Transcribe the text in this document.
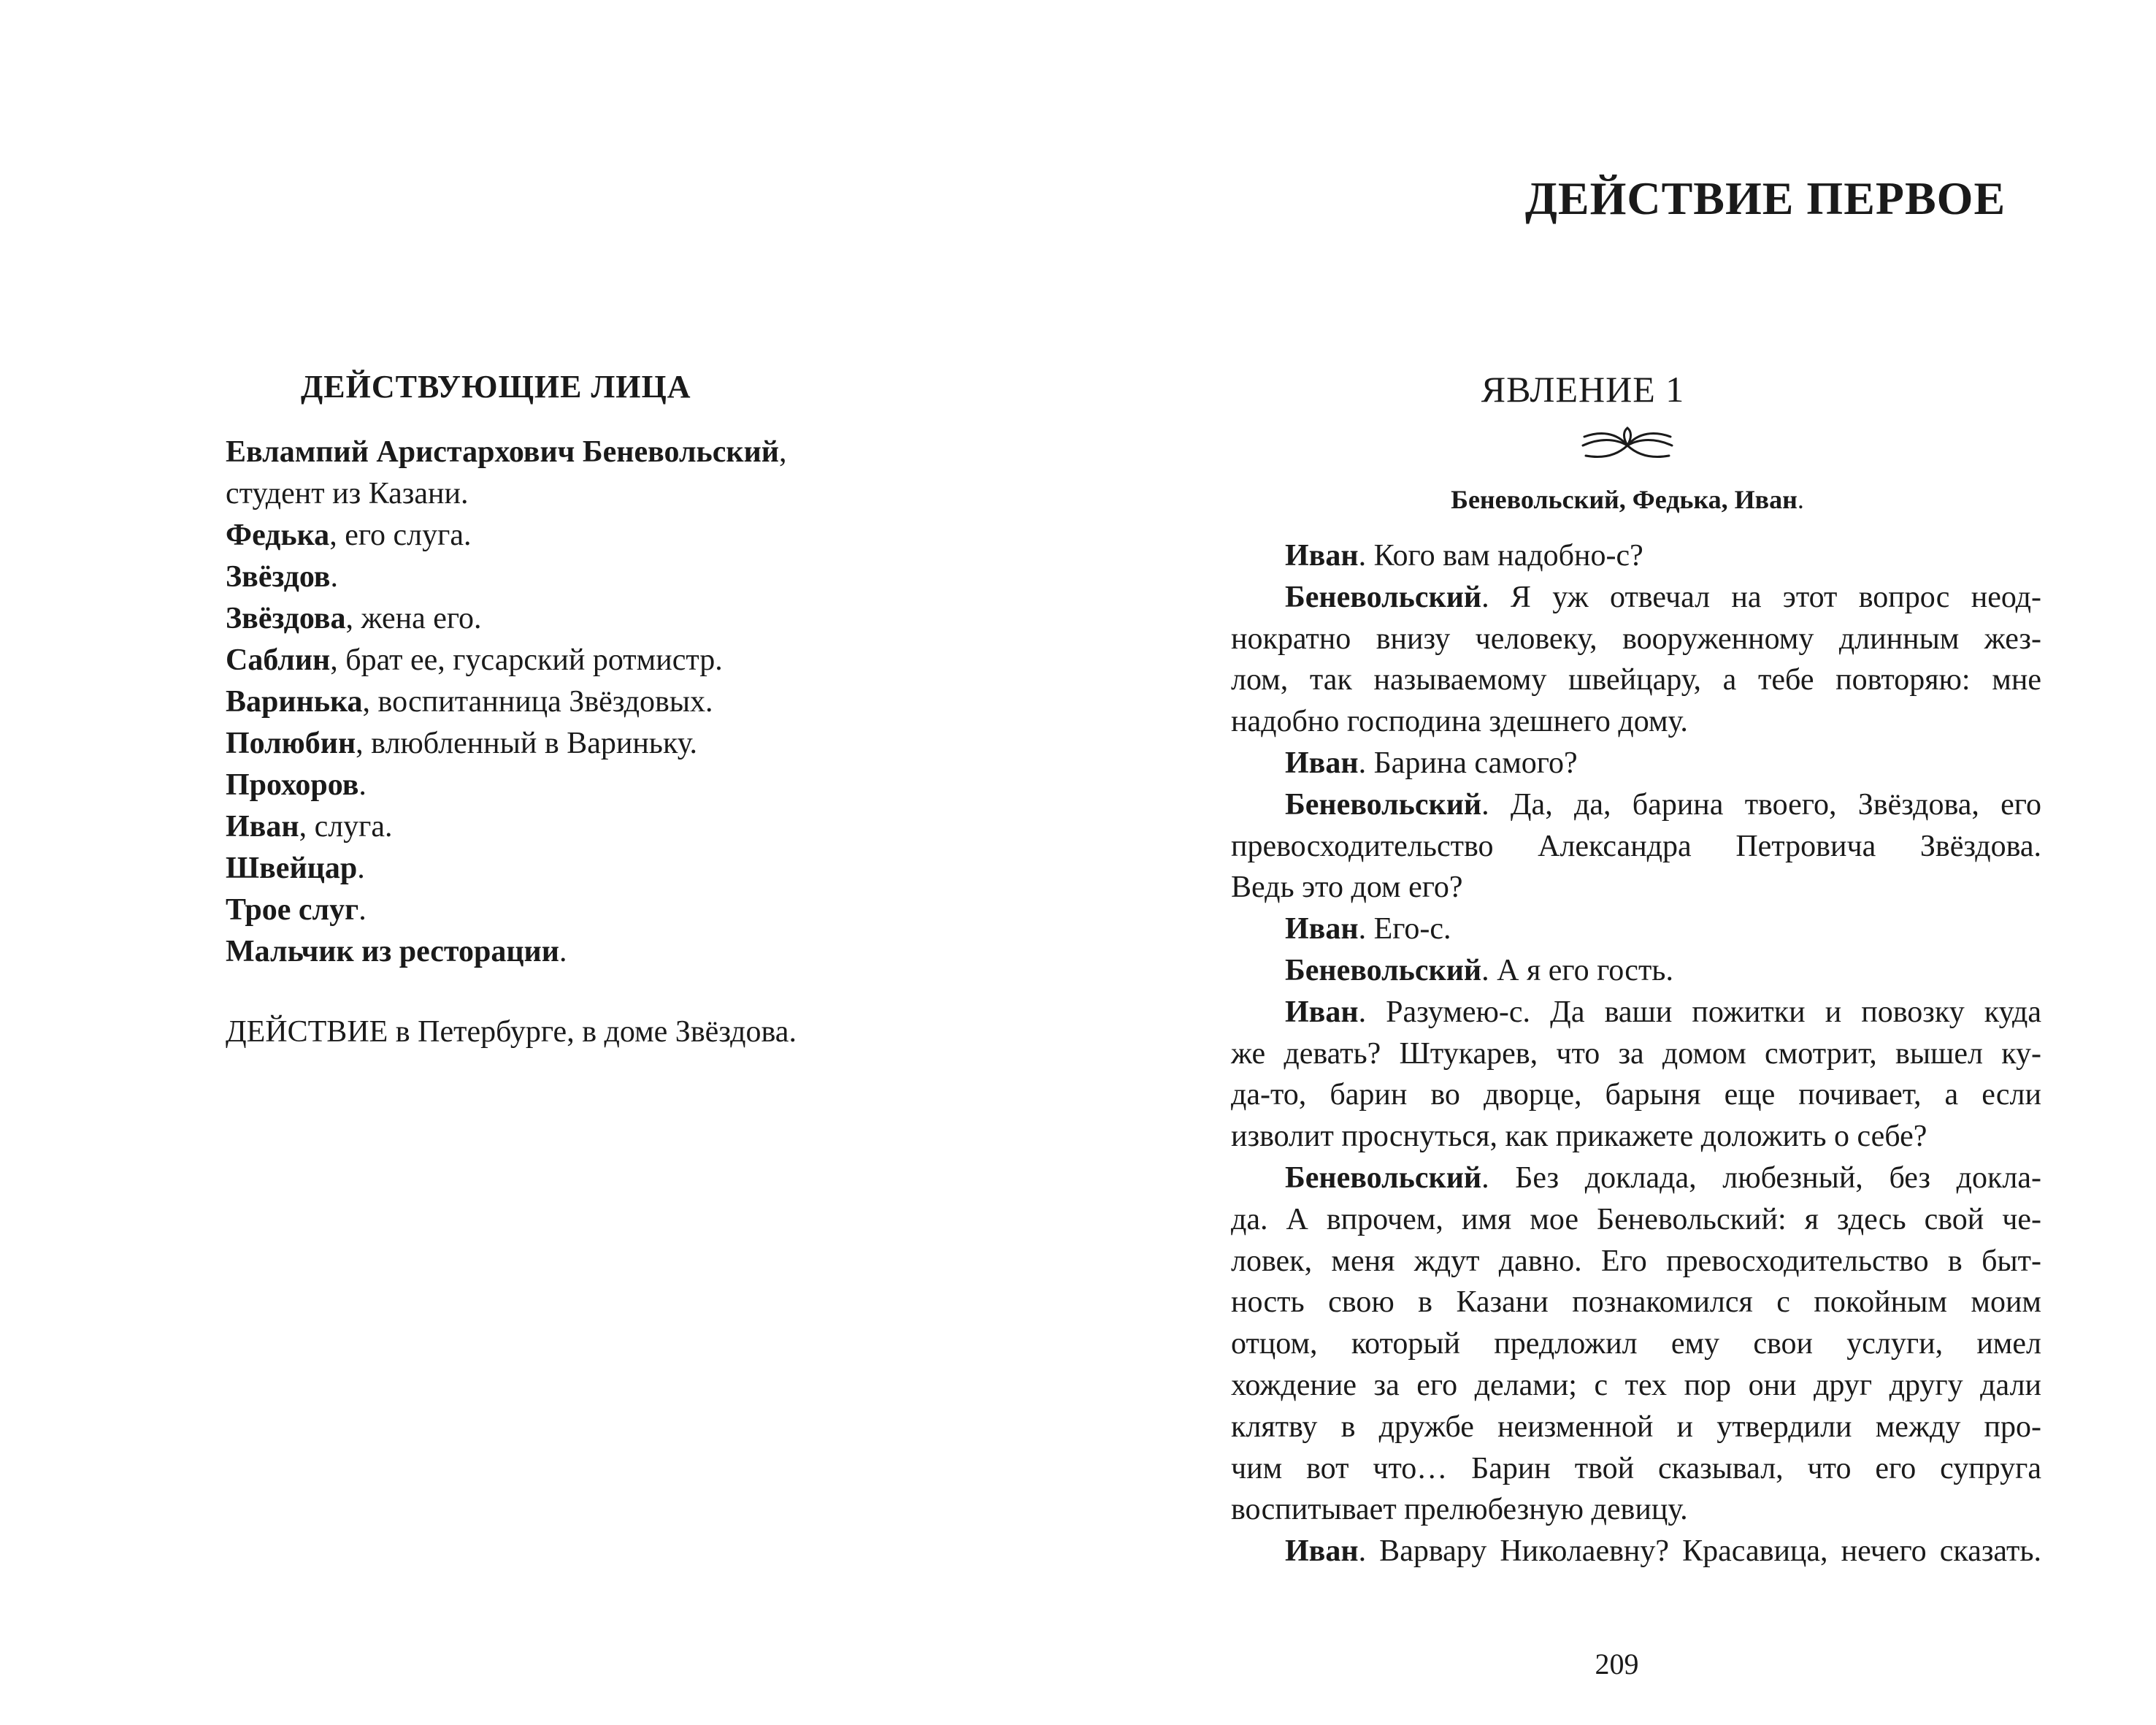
ДЕЙСТВУЮЩИЕ ЛИЦА
Евлампий Аристархович Беневольский,
студент из Казани.
Федька, его слуга.
Звёздов.
Звёздова, жена его.
Саблин, брат ее, гусарский ротмистр.
Варинька, воспитанница Звёздовых.
Полюбин, влюбленный в Вариньку.
Прохоров.
Иван, слуга.
Швейцар.
Трое слуг.
Мальчик из ресторации.
ДЕЙСТВИЕ в Петербурге, в доме Звёздова.
ДЕЙСТВИЕ ПЕРВОЕ
ЯВЛЕНИЕ 1
Беневольский, Федька, Иван.
Иван. Кого вам надобно-с?
Беневольский. Я уж отвечал на этот вопрос неод-
нократно внизу человеку, вооруженному длинным жез-
лом, так называемому швейцару, а тебе повторяю: мне
надобно господина здешнего дому.
Иван. Барина самого?
Беневольский. Да, да, барина твоего, Звёздова, его
превосходительство Александра Петровича Звёздова.
Ведь это дом его?
Иван. Его-с.
Беневольский. А я его гость.
Иван. Разумею-с. Да ваши пожитки и повозку куда
же девать? Штукарев, что за домом смотрит, вышел ку-
да-то, барин во дворце, барыня еще почивает, а если
изволит проснуться, как прикажете доложить о себе?
Беневольский. Без доклада, любезный, без докла-
да. А впрочем, имя мое Беневольский: я здесь свой че-
ловек, меня ждут давно. Его превосходительство в быт-
ность свою в Казани познакомился с покойным моим
отцом, который предложил ему свои услуги, имел
хождение за его делами; с тех пор они друг другу дали
клятву в дружбе неизменной и утвердили между про-
чим вот что… Барин твой сказывал, что его супруга
воспитывает прелюбезную девицу.
Иван. Варвару Николаевну? Красавица, нечего сказать.
209
